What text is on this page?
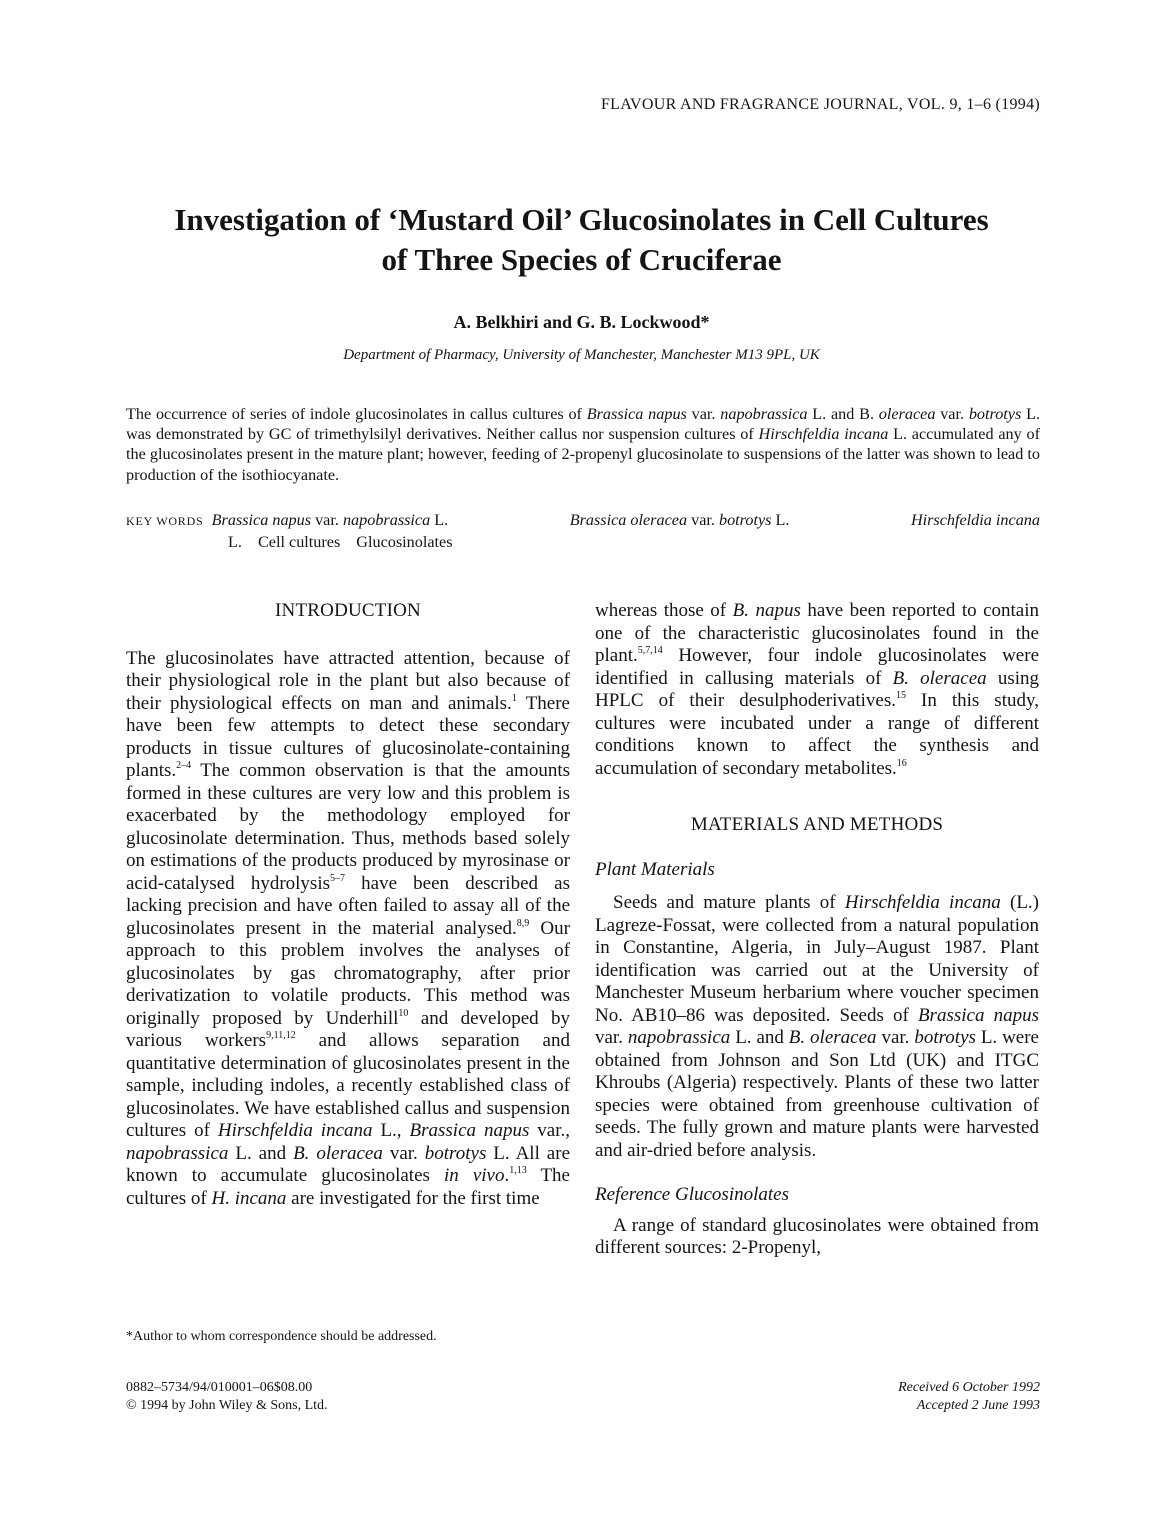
FLAVOUR AND FRAGRANCE JOURNAL, VOL. 9, 1–6 (1994)
Investigation of ‘Mustard Oil’ Glucosinolates in Cell Cultures
of Three Species of Cruciferae
A. Belkhiri and G. B. Lockwood*
Department of Pharmacy, University of Manchester, Manchester M13 9PL, UK

The occurrence of series of indole glucosinolates in callus cultures of Brassica napus var. napobrassica L. and B. oleracea var. botrotys L. was demonstrated by GC of trimethylsilyl derivatives. Neither callus nor suspension cultures of Hirschfeldia incana L. accumulated any of the glucosinolates present in the mature plant; however, feeding of 2-propenyl glucosinolate to suspensions of the latter was shown to lead to production of the isothiocyanate.

KEY WORDS Brassica napus var. napobrassica L.	Brassica oleracea var. botrotys L.	Hirschfeldia incana
L. Cell cultures Glucosinolates
INTRODUCTION

The glucosinolates have attracted attention, because of their physiological role in the plant but also because of their physiological effects on man and animals.$^1$ There have been few attempts to detect these secondary products in tissue cultures of glucosinolate-containing plants.$^{2-4}$ The common observation is that the amounts formed in these cultures are very low and this problem is exacerbated by the methodology employed for glucosinolate determination. Thus, methods based solely on estimations of the products produced by myrosinase or acid-catalysed hydrolysis$^{5-7}$ have been described as lacking precision and have often failed to assay all of the glucosinolates present in the material analysed.$^{8,9}$ Our approach to this problem involves the analyses of glucosinolates by gas chromatography, after prior derivatization to volatile products. This method was originally proposed by Underhill$^{10}$ and developed by various workers$^{9,11,12}$ and allows separation and quantitative determination of glucosinolates present in the sample, including indoles, a recently established class of glucosinolates. We have established callus and suspension cultures of Hirschfeldia incana L., Brassica napus var., napobrassica L. and B. oleracea var. botrotys L. All are known to accumulate glucosinolates in vivo.$^{1,13}$ The cultures of H. incana are investigated for the first time

whereas those of B. napus have been reported to contain one of the characteristic glucosinolates found in the plant.$^{5,7,14}$ However, four indole glucosinolates were identified in callusing materials of B. oleracea using HPLC of their desulphoderivatives.$^{15}$ In this study, cultures were incubated under a range of different conditions known to affect the synthesis and accumulation of secondary metabolites.$^{16}$

MATERIALS AND METHODS

Plant Materials

Seeds and mature plants of Hirschfeldia incana (L.) Lagreze-Fossat, were collected from a natural population in Constantine, Algeria, in July–August 1987. Plant identification was carried out at the University of Manchester Museum herbarium where voucher specimen No. AB10–86 was deposited. Seeds of Brassica napus var. napobrassica L. and B. oleracea var. botrotys L. were obtained from Johnson and Son Ltd (UK) and ITGC Khroubs (Algeria) respectively. Plants of these two latter species were obtained from greenhouse cultivation of seeds. The fully grown and mature plants were harvested and air-dried before analysis.

Reference Glucosinolates

A range of standard glucosinolates were obtained from different sources: 2-Propenyl,

*Author to whom correspondence should be addressed.
0882–5734/94/010001–06$08.00
© 1994 by John Wiley & Sons, Ltd.
Received 6 October 1992
Accepted 2 June 1993
